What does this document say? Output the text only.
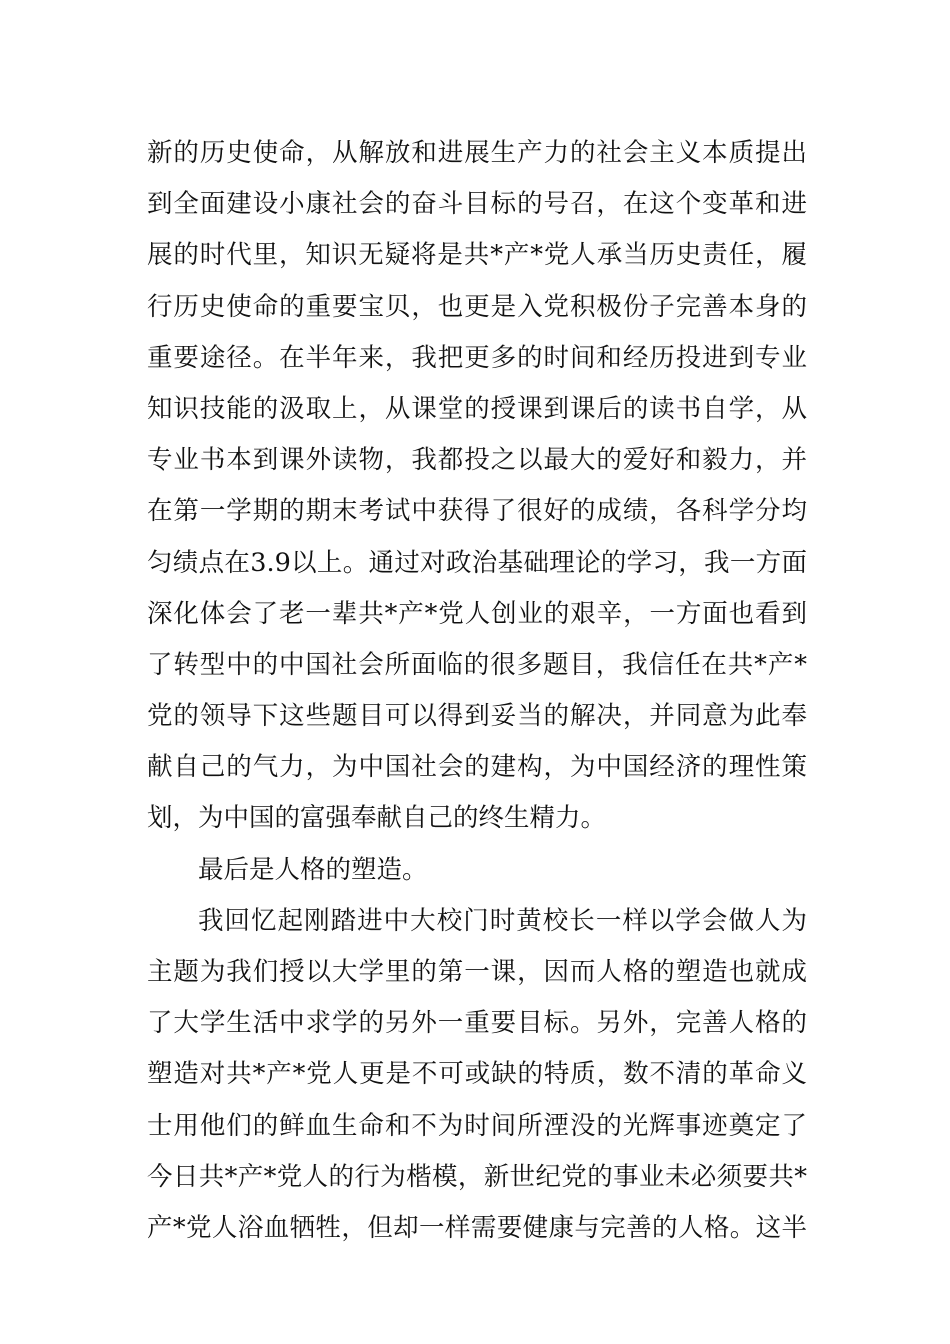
新的历史使命，从解放和进展生产力的社会主义本质提出
到全面建设小康社会的奋斗目标的号召，在这个变革和进
展的时代里，知识无疑将是共*产*党人承当历史责任，履
行历史使命的重要宝贝，也更是入党积极份子完善本身的
重要途径。在半年来，我把更多的时间和经历投进到专业
知识技能的汲取上，从课堂的授课到课后的读书自学，从
专业书本到课外读物，我都投之以最大的爱好和毅力，并
在第一学期的期末考试中获得了很好的成绩，各科学分均
匀绩点在3.9以上。通过对政治基础理论的学习，我一方面
深化体会了老一辈共*产*党人创业的艰辛，一方面也看到
了转型中的中国社会所面临的很多题目，我信任在共*产*
党的领导下这些题目可以得到妥当的解决，并同意为此奉
献自己的气力，为中国社会的建构，为中国经济的理性策
划，为中国的富强奉献自己的终生精力。
最后是人格的塑造。
我回忆起刚踏进中大校门时黄校长一样以学会做人为
主题为我们授以大学里的第一课，因而人格的塑造也就成
了大学生活中求学的另外一重要目标。另外，完善人格的
塑造对共*产*党人更是不可或缺的特质，数不清的革命义
士用他们的鲜血生命和不为时间所湮没的光辉事迹奠定了
今日共*产*党人的行为楷模，新世纪党的事业未必须要共*
产*党人浴血牺牲，但却一样需要健康与完善的人格。这半
